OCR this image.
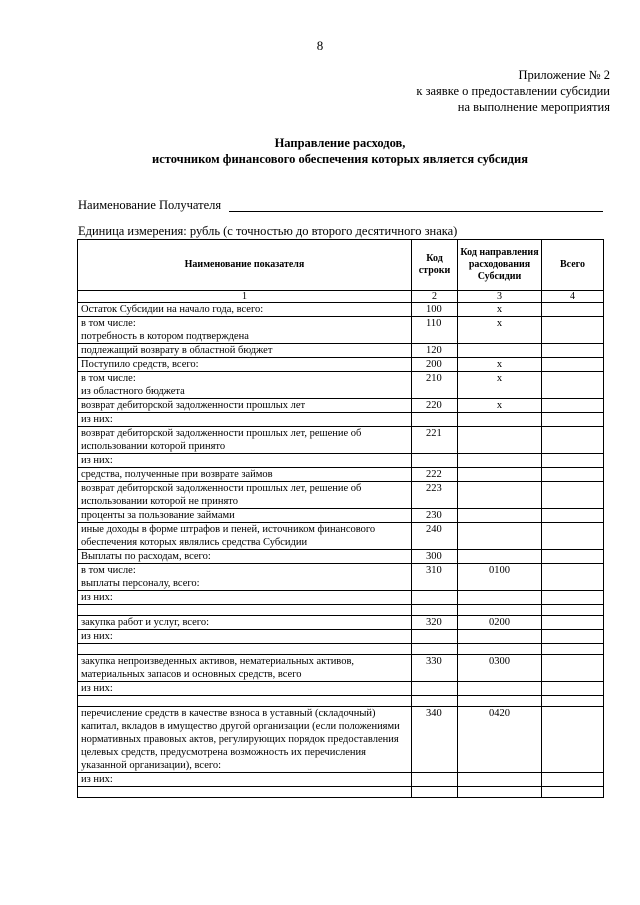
8
Приложение № 2
к заявке о предоставлении субсидии
на выполнение мероприятия
Направление расходов,
источником финансового обеспечения которых является субсидия
Наименование Получателя
Единица измерения: рубль (с точностью до второго десятичного знака)
Наименование показателя	Код строки	Код направления расходования Субсидии	Всего
1	2	3	4
Остаток Субсидии на начало года, всего:	100	х	
в том числе:
потребность в котором подтверждена	110	х	
подлежащий возврату в областной бюджет	120		
Поступило средств, всего:	200	х	
в том числе:
из областного бюджета	210	х	
возврат дебиторской задолженности прошлых лет	220	х	
из них:			
возврат дебиторской задолженности прошлых лет, решение об использовании которой принято	221		
из них:			
средства, полученные при возврате займов	222		
возврат дебиторской задолженности прошлых лет, решение об использовании которой не принято	223		
проценты за пользование займами	230		
иные доходы в форме штрафов и пеней, источником финансового обеспечения которых являлись средства Субсидии	240		
Выплаты по расходам, всего:	300		
в том числе:
выплаты персоналу, всего:	310	0100	
из них:			

закупка работ и услуг, всего:	320	0200	
из них:			

закупка непроизведенных активов, нематериальных активов, материальных запасов и основных средств, всего	330	0300	
из них:			

перечисление средств в качестве взноса в уставный (складочный) капитал, вкладов в имущество другой организации (если положениями нормативных правовых актов, регулирующих порядок предоставления целевых средств, предусмотрена возможность их перечисления указанной организации), всего:	340	0420	
из них:			
